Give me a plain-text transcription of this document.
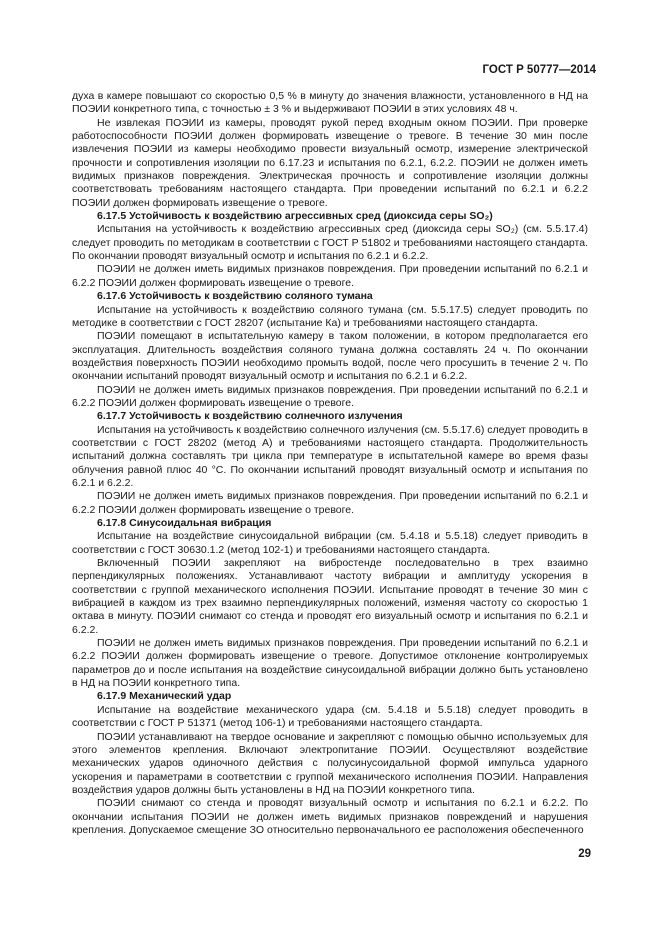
ГОСТ Р 50777—2014

духа в камере повышают со скоростью 0,5 % в минуту до значения влажности, установленного в НД на ПОЭИИ конкретного типа, с точностью ± 3 % и выдерживают ПОЭИИ в этих условиях 48 ч.

Не извлекая ПОЭИИ из камеры, проводят рукой перед входным окном ПОЭИИ. При проверке работоспособности ПОЭИИ должен формировать извещение о тревоге. В течение 30 мин после извлечения ПОЭИИ из камеры необходимо провести визуальный осмотр, измерение электрической прочности и сопротивления изоляции по 6.17.23 и испытания по 6.2.1, 6.2.2. ПОЭИИ не должен иметь видимых признаков повреждения. Электрическая прочность и сопротивление изоляции должны соответствовать требованиям настоящего стандарта. При проведении испытаний по 6.2.1 и 6.2.2 ПОЭИИ должен формировать извещение о тревоге.

6.17.5 Устойчивость к воздействию агрессивных сред (диоксида серы SO₂)

Испытания на устойчивость к воздействию агрессивных сред (диоксида серы SO₂) (см. 5.5.17.4) следует проводить по методикам в соответствии с ГОСТ Р 51802 и требованиями настоящего стандарта. По окончании проводят визуальный осмотр и испытания по 6.2.1 и 6.2.2.

ПОЭИИ не должен иметь видимых признаков повреждения. При проведении испытаний по 6.2.1 и 6.2.2 ПОЭИИ должен формировать извещение о тревоге.

6.17.6 Устойчивость к воздействию соляного тумана

Испытание на устойчивость к воздействию соляного тумана (см. 5.5.17.5) следует проводить по методике в соответствии с ГОСТ 28207 (испытание Ка) и требованиями настоящего стандарта.

ПОЭИИ помещают в испытательную камеру в таком положении, в котором предполагается его эксплуатация. Длительность воздействия соляного тумана должна составлять 24 ч. По окончании воздействия поверхность ПОЭИИ необходимо промыть водой, после чего просушить в течение 2 ч. По окончании испытаний проводят визуальный осмотр и испытания по 6.2.1 и 6.2.2.

ПОЭИИ не должен иметь видимых признаков повреждения. При проведении испытаний по 6.2.1 и 6.2.2 ПОЭИИ должен формировать извещение о тревоге.

6.17.7 Устойчивость к воздействию солнечного излучения

Испытания на устойчивость к воздействию солнечного излучения (см. 5.5.17.6) следует проводить в соответствии с ГОСТ 28202 (метод А) и требованиями настоящего стандарта. Продолжительность испытаний должна составлять три цикла при температуре в испытательной камере во время фазы облучения равной плюс 40 °С. По окончании испытаний проводят визуальный осмотр и испытания по 6.2.1 и 6.2.2.

ПОЭИИ не должен иметь видимых признаков повреждения. При проведении испытаний по 6.2.1 и 6.2.2 ПОЭИИ должен формировать извещение о тревоге.

6.17.8 Синусоидальная вибрация

Испытание на воздействие синусоидальной вибрации (см. 5.4.18 и 5.5.18) следует приводить в соответствии с ГОСТ 30630.1.2 (метод 102-1) и требованиями настоящего стандарта.

Включенный ПОЭИИ закрепляют на вибростенде последовательно в трех взаимно перпендикулярных положениях. Устанавливают частоту вибрации и амплитуду ускорения в соответствии с группой механического исполнения ПОЭИИ. Испытание проводят в течение 30 мин с вибрацией в каждом из трех взаимно перпендикулярных положений, изменяя частоту со скоростью 1 октава в минуту. ПОЭИИ снимают со стенда и проводят его визуальный осмотр и испытания по 6.2.1 и 6.2.2.

ПОЭИИ не должен иметь видимых признаков повреждения. При проведении испытаний по 6.2.1 и 6.2.2 ПОЭИИ должен формировать извещение о тревоге. Допустимое отклонение контролируемых параметров до и после испытания на воздействие синусоидальной вибрации должно быть установлено в НД на ПОЭИИ конкретного типа.

6.17.9 Механический удар

Испытание на воздействие механического удара (см. 5.4.18 и 5.5.18) следует проводить в соответствии с ГОСТ Р 51371 (метод 106-1) и требованиями настоящего стандарта.

ПОЭИИ устанавливают на твердое основание и закрепляют с помощью обычно используемых для этого элементов крепления. Включают электропитание ПОЭИИ. Осуществляют воздействие механических ударов одиночного действия с полусинусоидальной формой импульса ударного ускорения и параметрами в соответствии с группой механического исполнения ПОЭИИ. Направления воздействия ударов должны быть установлены в НД на ПОЭИИ конкретного типа.

ПОЭИИ снимают со стенда и проводят визуальный осмотр и испытания по 6.2.1 и 6.2.2. По окончании испытания ПОЭИИ не должен иметь видимых признаков повреждений и нарушения крепления. Допускаемое смещение ЗО относительно первоначального ее расположения обеспеченного

29
